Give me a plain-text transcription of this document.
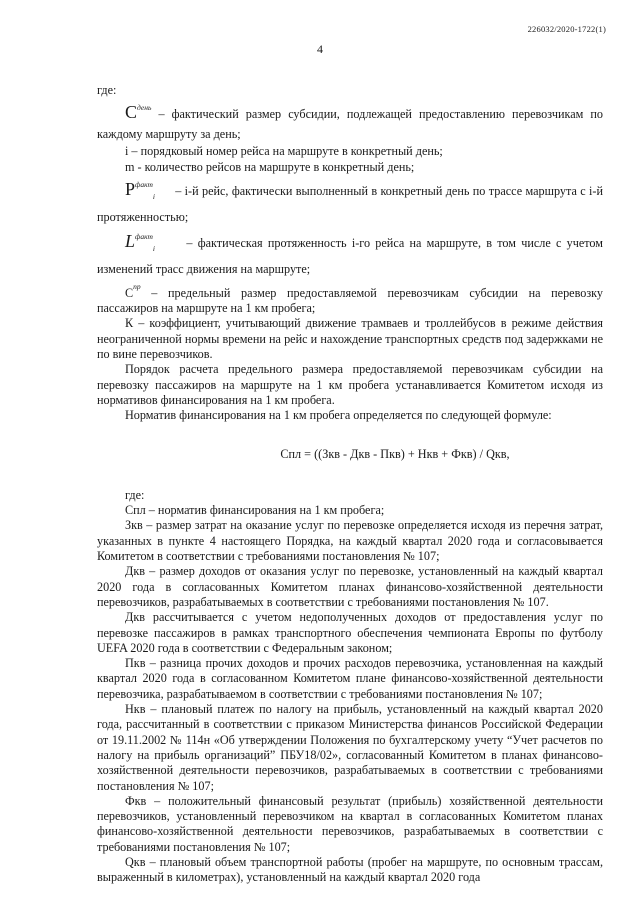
226032/2020-1722(1)
4
где:
$C^{день}$ – фактический размер субсидии, подлежащей предоставлению перевозчикам по каждому маршруту за день;
i – порядковый номер рейса на маршруте в конкретный день;
m - количество рейсов на маршруте в конкретный день;
$P^{факт}_i - i-й$ рейс, фактически выполненный в конкретный день по трассе маршрута с i-й протяженностью;
$L^{факт}_i$	– фактическая протяженность i-го рейса на маршруте, в том числе с учетом изменений трасс движения на маршруте;
$C^{пр}$ – предельный размер предоставляемой перевозчикам субсидии на перевозку пассажиров на маршруте на 1 км пробега;
К – коэффициент, учитывающий движение трамваев и троллейбусов в режиме действия неограниченной нормы времени на рейс и нахождение транспортных средств под задержками не по вине перевозчиков.
Порядок расчета предельного размера предоставляемой перевозчикам субсидии на перевозку пассажиров на маршруте на 1 км пробега устанавливается Комитетом исходя из нормативов финансирования на 1 км пробега.
Норматив финансирования на 1 км пробега определяется по следующей формуле:
Спл = ((Зкв - Дкв - Пкв) + Нкв + Фкв) / Qкв,
где:
Спл – норматив финансирования на 1 км пробега;
Зкв – размер затрат на оказание услуг по перевозке определяется исходя из перечня затрат, указанных в пункте 4 настоящего Порядка, на каждый квартал 2020 года и согласовывается Комитетом в соответствии с требованиями постановления № 107;
Дкв – размер доходов от оказания услуг по перевозке, установленный на каждый квартал 2020 года в согласованных Комитетом планах финансово-хозяйственной деятельности перевозчиков, разрабатываемых в соответствии с требованиями постановления № 107.
Дкв рассчитывается с учетом недополученных доходов от предоставления услуг по перевозке пассажиров в рамках транспортного обеспечения чемпионата Европы по футболу UEFA 2020 года в соответствии с Федеральным законом;
Пкв – разница прочих доходов и прочих расходов перевозчика, установленная на каждый квартал 2020 года в согласованном Комитетом плане финансово-хозяйственной деятельности перевозчика, разрабатываемом в соответствии с требованиями постановления № 107;
Нкв – плановый платеж по налогу на прибыль, установленный на каждый квартал 2020 года, рассчитанный в соответствии с приказом Министерства финансов Российской Федерации от 19.11.2002 № 114н «Об утверждении Положения по бухгалтерскому учету “Учет расчетов по налогу на прибыль организаций” ПБУ18/02», согласованный Комитетом в планах финансово-хозяйственной деятельности перевозчиков, разрабатываемых в соответствии с требованиями постановления № 107;
Фкв – положительный финансовый результат (прибыль) хозяйственной деятельности перевозчиков, установленный перевозчиком на квартал в согласованных Комитетом планах финансово-хозяйственной деятельности перевозчиков, разрабатываемых в соответствии с требованиями постановления № 107;
Qкв – плановый объем транспортной работы (пробег на маршруте, по основным трассам, выраженный в километрах), установленный на каждый квартал 2020 года
